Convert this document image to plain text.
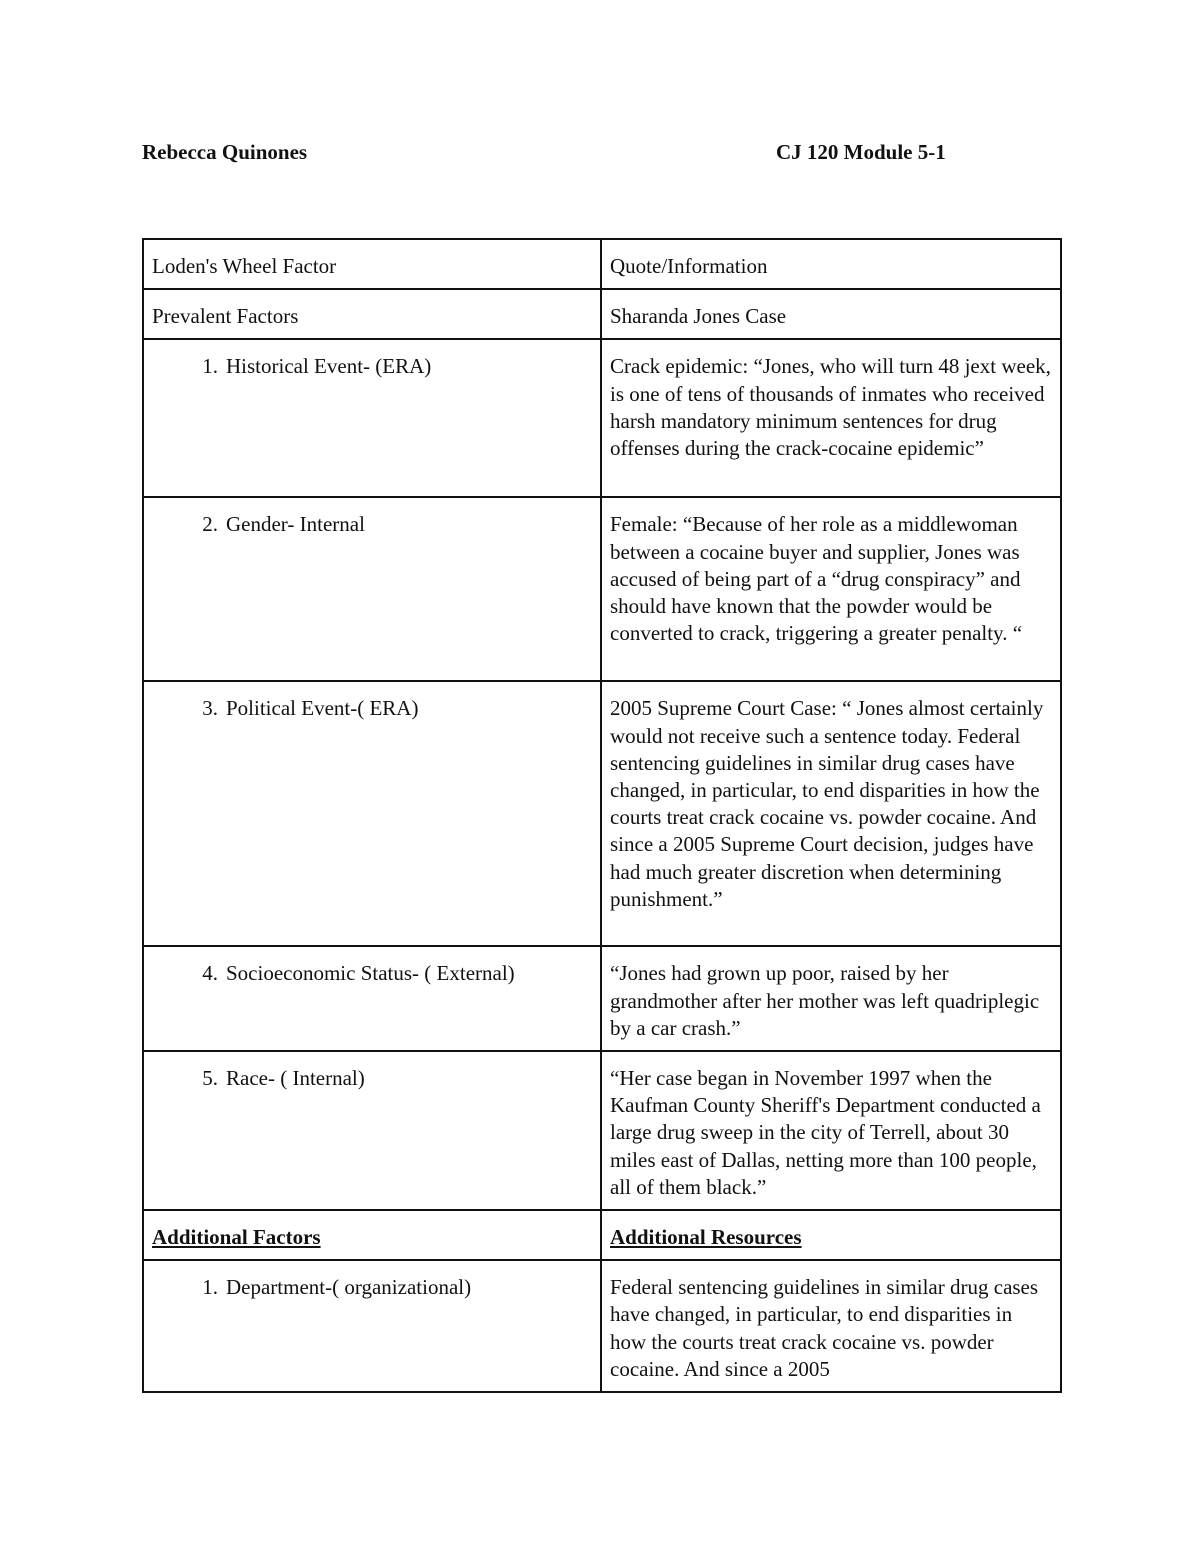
Rebecca Quinones	CJ 120 Module 5-1
Loden's Wheel Factor	Quote/Information
Prevalent Factors	Sharanda Jones Case

1. Historical Event- (ERA)	Crack epidemic: “Jones, who will turn 48 jext week, is one of tens of thousands of inmates who received harsh mandatory minimum sentences for drug offenses during the crack-cocaine epidemic”

2. Gender- Internal	Female: “Because of her role as a middlewoman between a cocaine buyer and supplier, Jones was accused of being part of a “drug conspiracy” and should have known that the powder would be converted to crack, triggering a greater penalty. “

3. Political Event-( ERA)	2005 Supreme Court Case: “ Jones almost certainly would not receive such a sentence today. Federal sentencing guidelines in similar drug cases have changed, in particular, to end disparities in how the courts treat crack cocaine vs. powder cocaine. And since a 2005 Supreme Court decision, judges have had much greater discretion when determining punishment.”

4. Socioeconomic Status- ( External)	“Jones had grown up poor, raised by her grandmother after her mother was left quadriplegic by a car crash.”

5. Race- ( Internal)	“Her case began in November 1997 when the Kaufman County Sheriff's Department conducted a large drug sweep in the city of Terrell, about 30 miles east of Dallas, netting more than 100 people, all of them black.”
Additional Factors	Additional Resources

1. Department-( organizational)	Federal sentencing guidelines in similar drug cases have changed, in particular, to end disparities in how the courts treat crack cocaine vs. powder cocaine. And since a 2005
